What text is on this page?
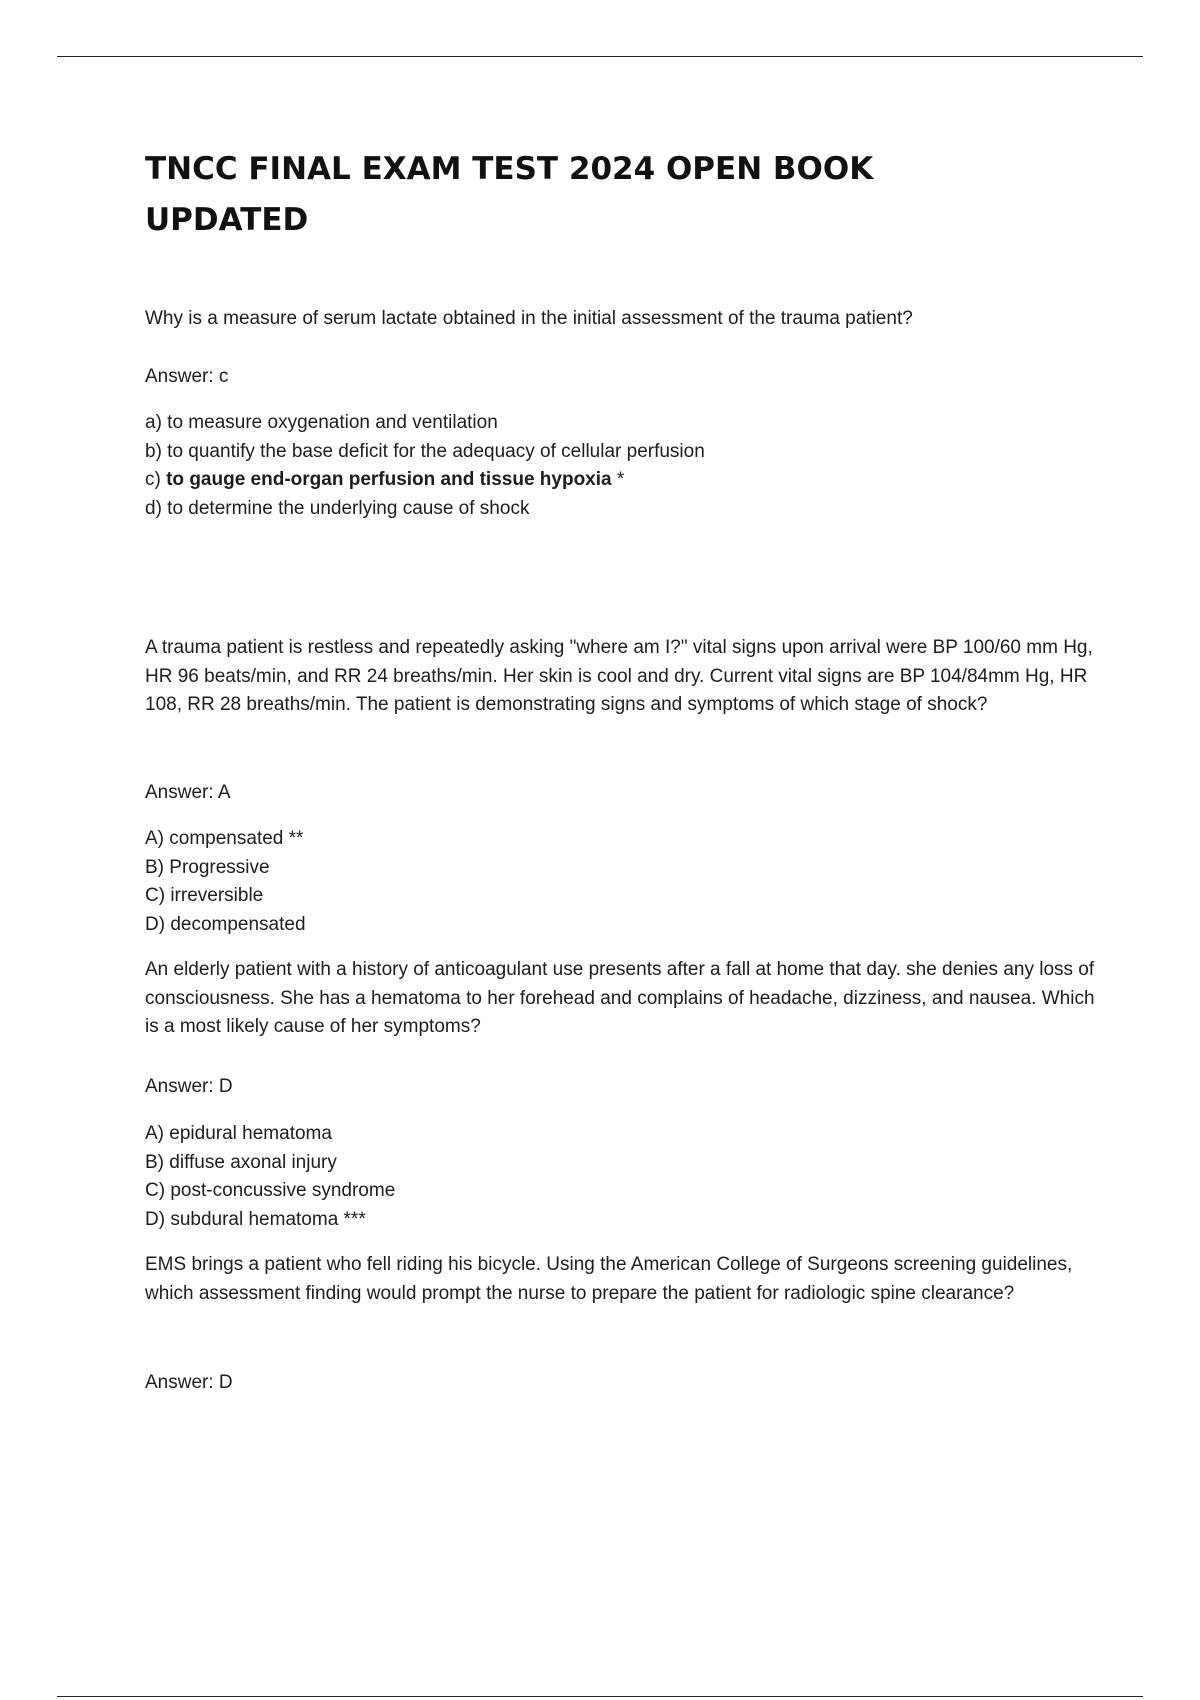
TNCC FINAL EXAM TEST 2024 OPEN BOOK UPDATED

Why is a measure of serum lactate obtained in the initial assessment of the trauma patient?

Answer: c

a) to measure oxygenation and ventilation
b) to quantify the base deficit for the adequacy of cellular perfusion
c) to gauge end-organ perfusion and tissue hypoxia *
d) to determine the underlying cause of shock

A trauma patient is restless and repeatedly asking "where am I?" vital signs upon arrival were BP 100/60 mm Hg, HR 96 beats/min, and RR 24 breaths/min. Her skin is cool and dry. Current vital signs are BP 104/84mm Hg, HR 108, RR 28 breaths/min. The patient is demonstrating signs and symptoms of which stage of shock?

Answer: A

A) compensated **
B) Progressive
C) irreversible
D) decompensated

An elderly patient with a history of anticoagulant use presents after a fall at home that day. she denies any loss of consciousness. She has a hematoma to her forehead and complains of headache, dizziness, and nausea. Which is a most likely cause of her symptoms?

Answer: D

A) epidural hematoma
B) diffuse axonal injury
C) post-concussive syndrome
D) subdural hematoma ***

EMS brings a patient who fell riding his bicycle. Using the American College of Surgeons screening guidelines, which assessment finding would prompt the nurse to prepare the patient for radiologic spine clearance?

Answer: D
